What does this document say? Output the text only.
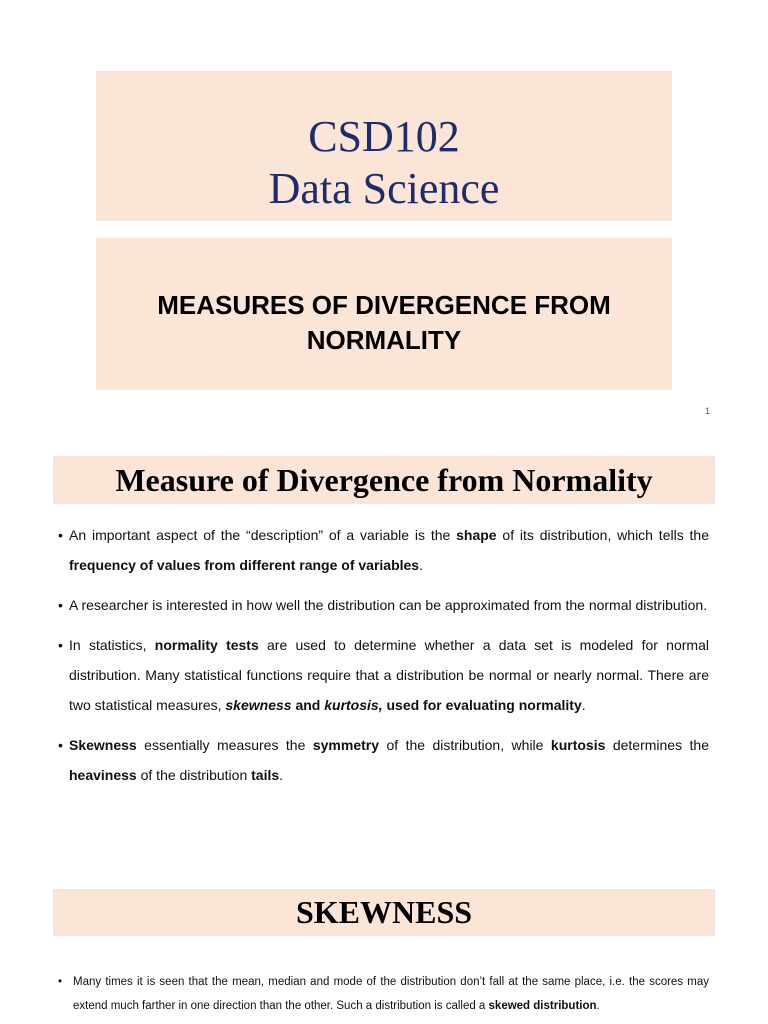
CSD102
Data Science
MEASURES OF DIVERGENCE FROM
NORMALITY
1
Measure of Divergence from Normality
• An important aspect of the “description” of a variable is the shape of its distribution, which tells the frequency of values from different range of variables.
• A researcher is interested in how well the distribution can be approximated from the normal distribution.
• In statistics, normality tests are used to determine whether a data set is modeled for normal distribution. Many statistical functions require that a distribution be normal or nearly normal. There are two statistical measures, skewness and kurtosis, used for evaluating normality.
• Skewness essentially measures the symmetry of the distribution, while kurtosis determines the heaviness of the distribution tails.
SKEWNESS
• Many times it is seen that the mean, median and mode of the distribution don’t fall at the same place, i.e. the scores may extend much farther in one direction than the other. Such a distribution is called a skewed distribution.
